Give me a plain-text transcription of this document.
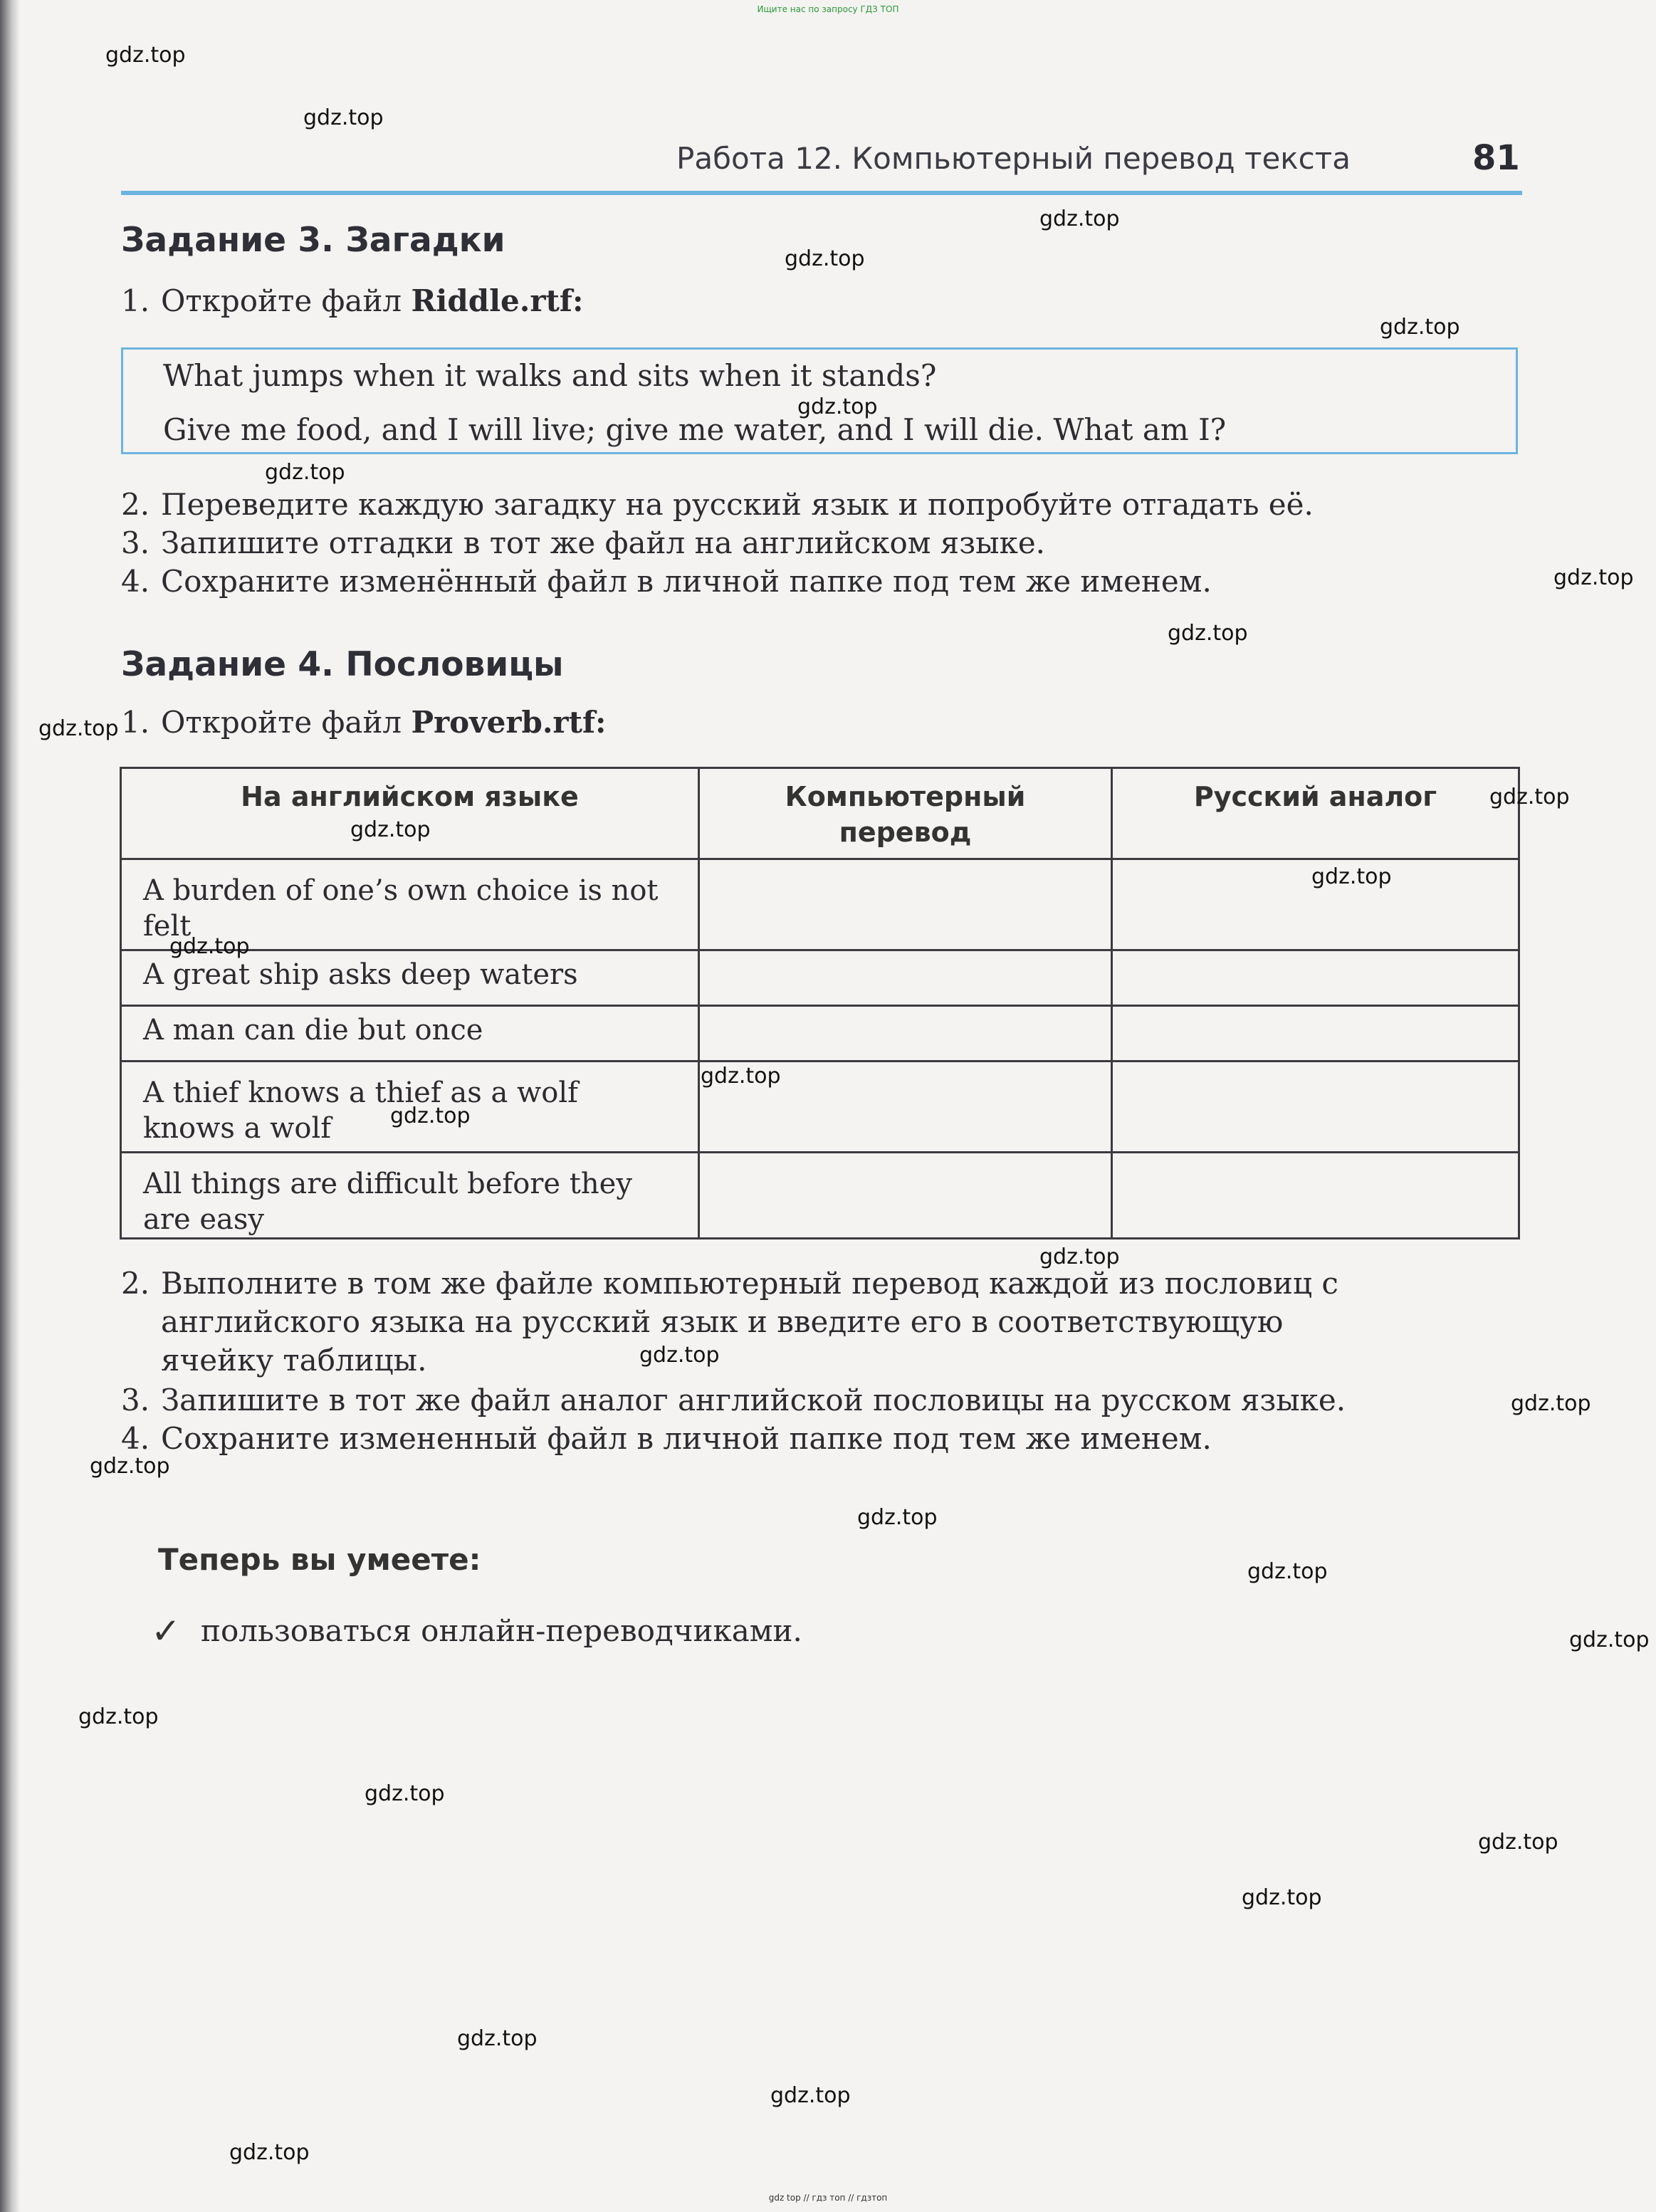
Ищите нас по запросу ГДЗ ТОП
Работа 12. Компьютерный перевод текста	81
Задание 3. Загадки
1. Откройте файл Riddle.rtf:
What jumps when it walks and sits when it stands?
Give me food, and I will live; give me water, and I will die. What am I?
2. Переведите каждую загадку на русский язык и попробуйте отгадать её.
3. Запишите отгадки в тот же файл на английском языке.
4. Сохраните изменённый файл в личной папке под тем же именем.
Задание 4. Пословицы
1. Откройте файл Proverb.rtf:
На английском языке	Компьютерный перевод	Русский аналог
A burden of one’s own choice is not felt		
A great ship asks deep waters		
A man can die but once		
A thief knows a thief as a wolf knows a wolf		
All things are difficult before they are easy		
2. Выполните в том же файле компьютерный перевод каждой из пословиц с
английского языка на русский язык и введите его в соответствующую
ячейку таблицы.
3. Запишите в тот же файл аналог английской пословицы на русском языке.
4. Сохраните измененный файл в личной папке под тем же именем.
Теперь вы умеете:
✓ пользоваться онлайн-переводчиками.
gdz.top
gdz.top
gdz.top
gdz.top
gdz.top
gdz.top
gdz.top
gdz.top
gdz.top
gdz.top
gdz.top
gdz.top
gdz.top
gdz.top
gdz.top
gdz.top
gdz.top
gdz.top
gdz.top
gdz.top
gdz.top
gdz.top
gdz.top
gdz.top
gdz.top
gdz.top
gdz.top
gdz.top
gdz.top
gdz.top
gdz top // гдз топ // гдзтоп
